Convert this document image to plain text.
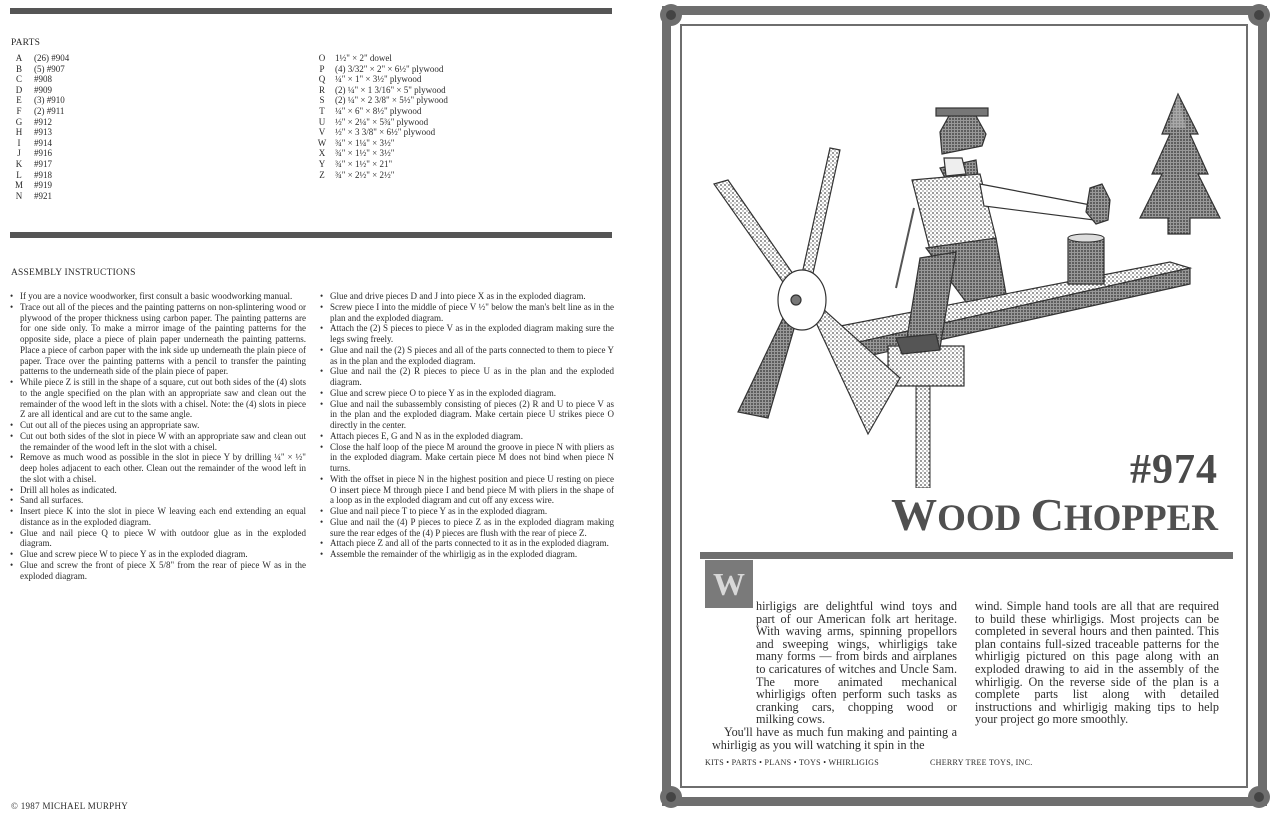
PARTS
A	(26) #904
B	(5) #907
C	#908
D	#909
E	(3) #910
F	(2) #911
G	#912
H	#913
I	#914
J	#916
K	#917
L	#918
M	#919
N	#921
O	1½" × 2" dowel
P	(4) 3/32" × 2" × 6½" plywood
Q	¼" × 1" × 3½" plywood
R	(2) ¼" × 1 3/16" × 5" plywood
S	(2) ¼" × 2 3/8" × 5½" plywood
T	¼" × 6" × 8½" plywood
U	½" × 2¼" × 5¾" plywood
V	½" × 3 3/8" × 6½" plywood
W ¾" × 1¼" × 3½"
X	¾" × 1½" × 3½"
Y	¾" × 1½" × 21"
Z	¾" × 2½" × 2½"
ASSEMBLY INSTRUCTIONS
• If you are a novice woodworker, first consult a basic woodworking manual.
• Trace out all of the pieces and the painting patterns on non-splintering wood or plywood of the proper thickness using carbon paper. The painting patterns are for one side only. To make a mirror image of the painting patterns for the opposite side, place a piece of plain paper underneath the painting patterns. Place a piece of carbon paper with the ink side up underneath the plain piece of paper. Trace over the painting patterns with a pencil to transfer the painting patterns to the underneath side of the plain piece of paper.
• While piece Z is still in the shape of a square, cut out both sides of the (4) slots to the angle specified on the plan with an appropriate saw and clean out the remainder of the wood left in the slots with a chisel. Note: the (4) slots in piece Z are all identical and are cut to the same angle.
• Cut out all of the pieces using an appropriate saw.
• Cut out both sides of the slot in piece W with an appropriate saw and clean out the remainder of the wood left in the slot with a chisel.
• Remove as much wood as possible in the slot in piece Y by drilling ¼" × ½" deep holes adjacent to each other. Clean out the remainder of the wood left in the slot with a chisel.
• Drill all holes as indicated.
• Sand all surfaces.
• Insert piece K into the slot in piece W leaving each end extending an equal distance as in the exploded diagram.
• Glue and nail piece Q to piece W with outdoor glue as in the exploded diagram.
• Glue and screw piece W to piece Y as in the exploded diagram.
• Glue and screw the front of piece X 5/8" from the rear of piece W as in the exploded diagram.
• Glue and drive pieces D and J into piece X as in the exploded diagram.
• Screw piece I into the middle of piece V ½" below the man's belt line as in the plan and the exploded diagram.
• Attach the (2) S pieces to piece V as in the exploded diagram making sure the legs swing freely.
• Glue and nail the (2) S pieces and all of the parts connected to them to piece Y as in the plan and the exploded diagram.
• Glue and nail the (2) R pieces to piece U as in the plan and the exploded diagram.
• Glue and screw piece O to piece Y as in the exploded diagram.
• Glue and nail the subassembly consisting of pieces (2) R and U to piece V as in the plan and the exploded diagram. Make certain piece U strikes piece O directly in the center.
• Attach pieces E, G and N as in the exploded diagram.
• Close the half loop of the piece M around the groove in piece N with pliers as in the exploded diagram. Make certain piece M does not bind when piece N turns.
• With the offset in piece N in the highest position and piece U resting on piece O insert piece M through piece I and bend piece M with pliers in the shape of a loop as in the exploded diagram and cut off any excess wire.
• Glue and nail piece T to piece Y as in the exploded diagram.
• Glue and nail the (4) P pieces to piece Z as in the exploded diagram making sure the rear edges of the (4) P pieces are flush with the rear of piece Z.
• Attach piece Z and all of the parts connected to it as in the exploded diagram.
• Assemble the remainder of the whirligig as in the exploded diagram.
© 1987 MICHAEL MURPHY
#974
WOOD CHOPPER
W

hirligigs are delightful wind toys and part of our American folk art heritage. With waving arms, spinning propellors and sweeping wings, whirligigs take many forms — from birds and airplanes to caricatures of witches and Uncle Sam. The more animated mechanical whirligigs often perform such tasks as cranking cars, chopping wood or milking cows.

You'll have as much fun making and painting a whirligig as you will watching it spin in the

wind. Simple hand tools are all that are required to build these whirligigs. Most projects can be completed in several hours and then painted. This plan contains full-sized traceable patterns for the whirligig pictured on this page along with an exploded drawing to aid in the assembly of the whirligig. On the reverse side of the plan is a complete parts list along with detailed instructions and whirligig making tips to help your project go more smoothly.
KITS • PARTS • PLANS • TOYS • WHIRLIGIGS	CHERRY TREE TOYS, INC.
